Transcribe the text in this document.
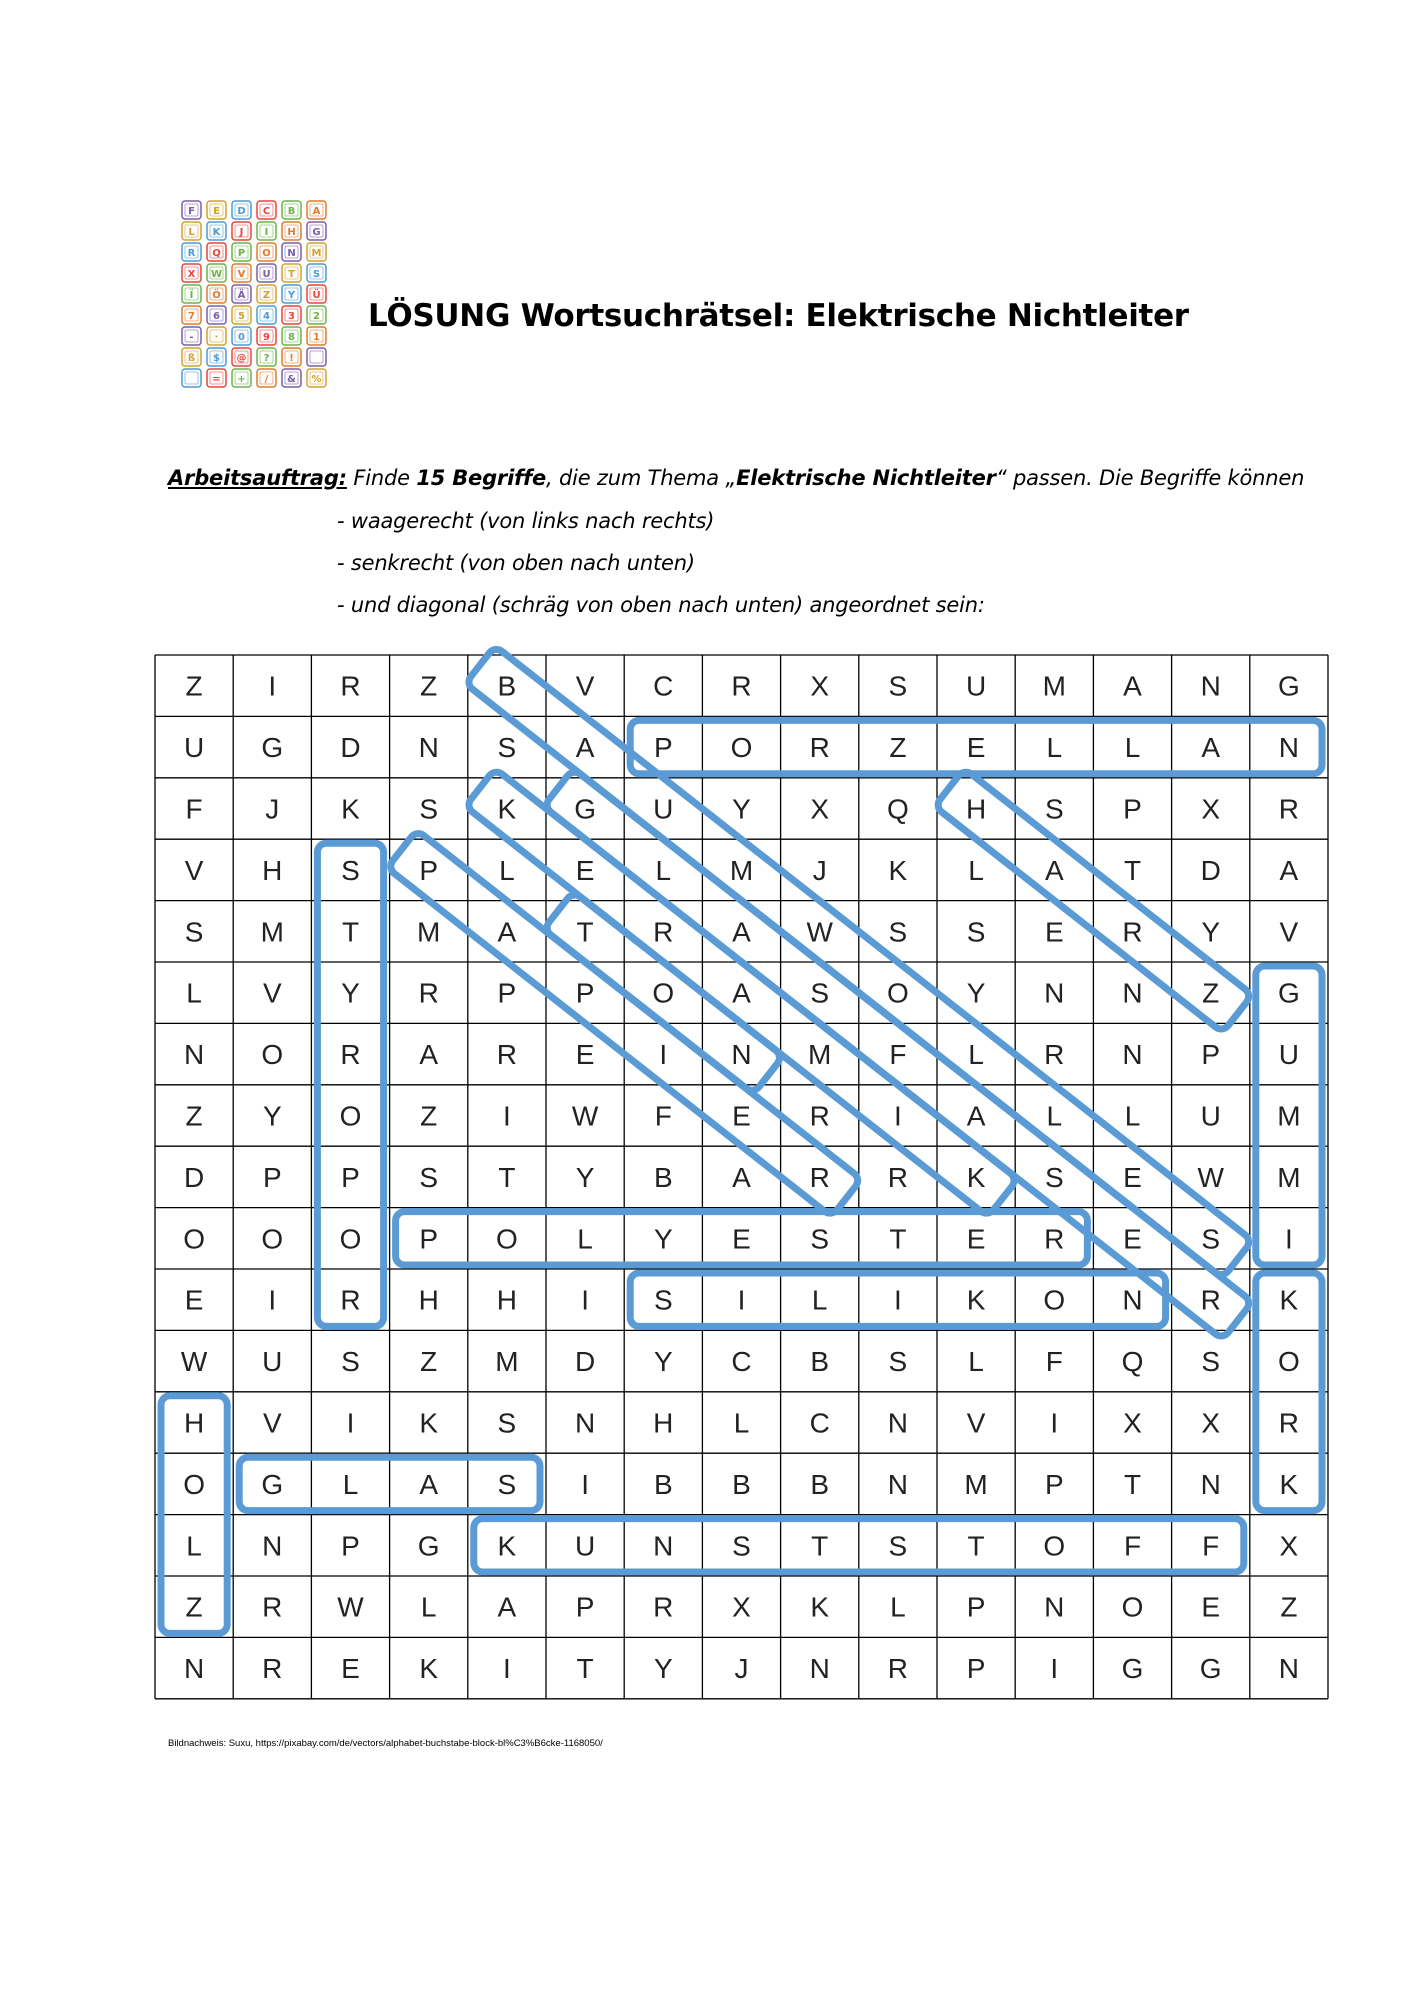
F E D C B A
L K J I H G
R Q P O N M
X W V U T S
Ï Ö Ä Z Y Ü
7 6 5 4 3 2
- · 0 9 8 1
ß $ @ ? !
= + / & %
LÖSUNG Wortsuchrätsel: Elektrische Nichtleiter
Arbeitsauftrag: Finde 15 Begriffe, die zum Thema „Elektrische Nichtleiter“ passen. Die Begriffe können
- waagerecht (von links nach rechts)
- senkrecht (von oben nach unten)
- und diagonal (schräg von oben nach unten) angeordnet sein:
Z I R Z B V C R X S U M A N G
U G D N S A P O R Z E L L A N
F J K S K G U Y X Q H S P X R
V H S P L E L M J K L A T D A
S M T M A T R A W S S E R Y V
L V Y R P P O A S O Y N N Z G
N O R A R E I N M F L R N P U
Z Y O Z I W F E R I A L L U M
D P P S T Y B A R R K S E W M
O O O P O L Y E S T E R E S I
E I R H H I S I L I K O N R K
W U S Z M D Y C B S L F Q S O
H V I K S N H L C N V I X X R
O G L A S I B B B N M P T N K
L N P G K U N S T S T O F F X
Z R W L A P R X K L P N O E Z
N R E K I T Y J N R P I G G N
Bildnachweis: Suxu, https://pixabay.com/de/vectors/alphabet-buchstabe-block-bl%C3%B6cke-1168050/
